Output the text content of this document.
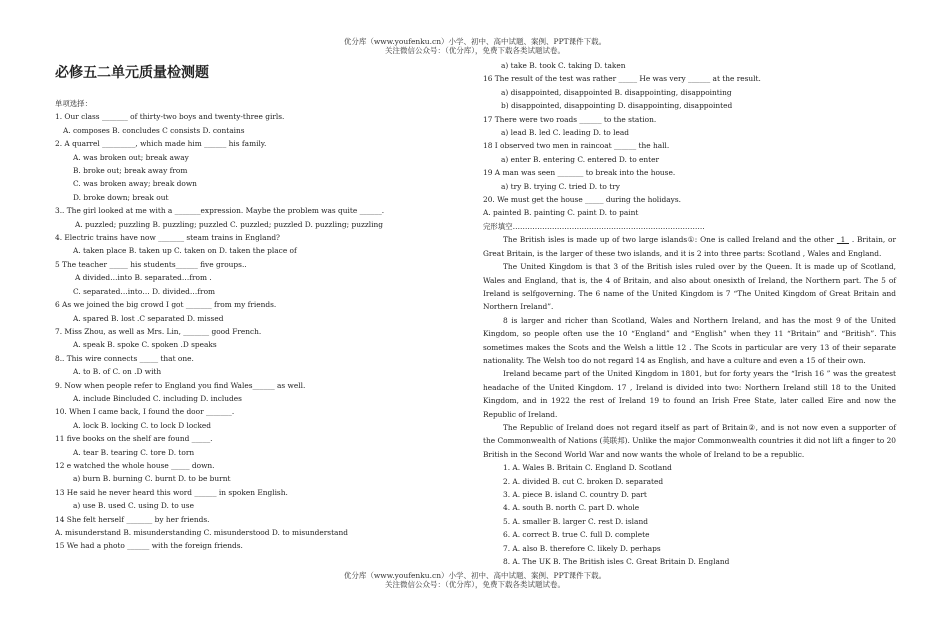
优分库（www.youfenku.cn）小学、初中、高中试题、案例、PPT课件下载。
关注微信公众号：（优分库），免费下载各类试题试卷。
必修五二单元质量检测题
单项选择：
1. Our class _______ of thirty-two boys and twenty-three girls.
A. composes B. concludes C consists D. contains
2. A quarrel _________, which made him ______ his family.
A. was broken out; break away
B. broke out; break away from
C. was broken away; break down
D. broke down; break out
3.. The girl looked at me with a _______expression. Maybe the problem was quite ______.
A. puzzled; puzzling B. puzzling; puzzled C. puzzled; puzzled D. puzzling; puzzling
4. Electric trains have now _______ steam trains in England?
A. taken place B. taken up C. taken on D. taken the place of
5 The teacher _____ his students______ five groups..
A divided…into B. separated…from .
C. separated…into… D. divided…from
6 As we joined the big crowd I got _______ from my friends.
A. spared B. lost .C separated D. missed
7. Miss Zhou, as well as Mrs. Lin, _______ good French.
A. speak B. spoke C. spoken .D speaks
8.. This wire connects _____ that one.
A. to B. of C. on .D with
9. Now when people refer to England you find Wales______ as well.
A. include Bincluded C. including D. includes
10. When I came back, I found the door _______.
A. lock B. locking C. to lock D locked
11 five books on the shelf are found _____.
A. tear B. tearing C. tore D. torn
12 e watched the whole house _____ down.
a) burn B. burning C. burnt D. to be burnt
13 He said he never heard this word ______ in spoken English.
a) use B. used C. using D. to use
14 She felt herself _______ by her friends.
A. misunderstand B. misunderstanding C. misunderstood D. to misunderstand
15 We had a photo ______ with the foreign friends.
a) take B. took C. taking D. taken
16 The result of the test was rather _____ He was very ______ at the result.
a) disappointed, disappointed B. disappointing, disappointing
b) disappointed, disappointing D. disappointing, disappointed
17 There were two roads ______ to the station.
a) lead B. led C. leading D. to lead
18 I observed two men in raincoat ______ the hall.
a) enter B. entering C. entered D. to enter
19 A man was seen _______ to break into the house.
a) try B. trying C. tried D. to try
20. We must get the house _____ during the holidays.
A. painted B. painting C. paint D. to paint
完形填空……………………………………………………………………
The British isles is made up of two large islands①: One is called Ireland and the other _1_ . Britain, or Great Britain, is the larger of these two islands, and it is 2 into three parts: Scotland , Wales and England.
The United Kingdom is that 3 of the British isles ruled over by the Queen. It is made up of Scotland, Wales and England, that is, the 4 of Britain, and also about onesixth of Ireland, the Northern part. The 5 of Ireland is selfgoverning. The 6 name of the United Kingdom is 7 “The United Kingdom of Great Britain and Northern Ireland”.
8 is larger and richer than Scotland, Wales and Northern Ireland, and has the most 9 of the United Kingdom, so people often use the 10 “England” and “English” when they 11 “Britain” and “British”. This sometimes makes the Scots and the Welsh a little 12 . The Scots in particular are very 13 of their separate nationality. The Welsh too do not regard 14 as English, and have a culture and even a 15 of their own.
Ireland became part of the United Kingdom in 1801, but for forty years the “Irish 16 ” was the greatest headache of the United Kingdom. 17 , Ireland is divided into two: Northern Ireland still 18 to the United Kingdom, and in 1922 the rest of Ireland 19 to found an Irish Free State, later called Eire and now the Republic of Ireland.
The Republic of Ireland does not regard itself as part of Britain②, and is not now even a supporter of the Commonwealth of Nations (英联邦). Unlike the major Commonwealth countries it did not lift a finger to 20 British in the Second World War and now wants the whole of Ireland to be a republic.
1. A. Wales B. Britain C. England D. Scotland
2. A. divided B. cut C. broken D. separated
3. A. piece B. island C. country D. part
4. A. south B. north C. part D. whole
5. A. smaller B. larger C. rest D. island
6. A. correct B. true C. full D. complete
7. A. also B. therefore C. likely D. perhaps
8. A. The UK B. The British isles C. Great Britain D. England
优分库（www.youfenku.cn）小学、初中、高中试题、案例、PPT课件下载。
关注微信公众号：（优分库），免费下载各类试题试卷。
